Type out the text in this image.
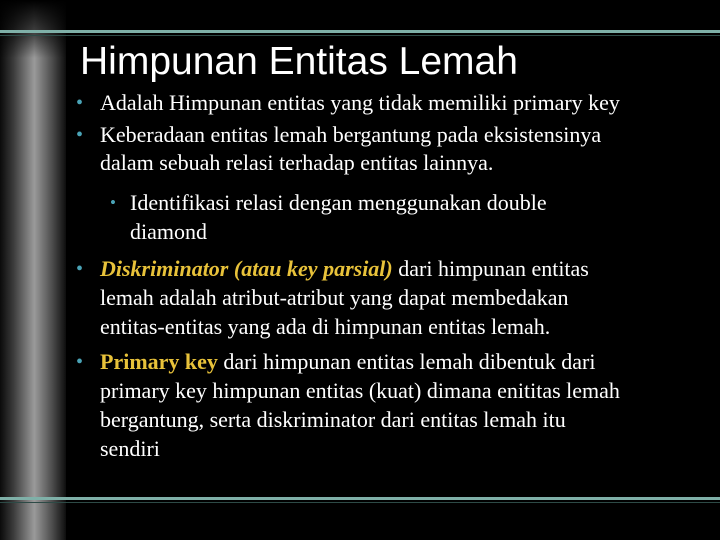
Himpunan Entitas Lemah
• Adalah Himpunan entitas yang tidak memiliki primary key
• Keberadaan entitas lemah bergantung pada eksistensinya
dalam sebuah relasi terhadap entitas lainnya.
• Identifikasi relasi dengan menggunakan double
diamond
• Diskriminator (atau key parsial) dari himpunan entitas
lemah adalah atribut-atribut yang dapat membedakan
entitas-entitas yang ada di himpunan entitas lemah.
• Primary key dari himpunan entitas lemah dibentuk dari
primary key himpunan entitas (kuat) dimana enititas lemah
bergantung, serta diskriminator dari entitas lemah itu
sendiri
